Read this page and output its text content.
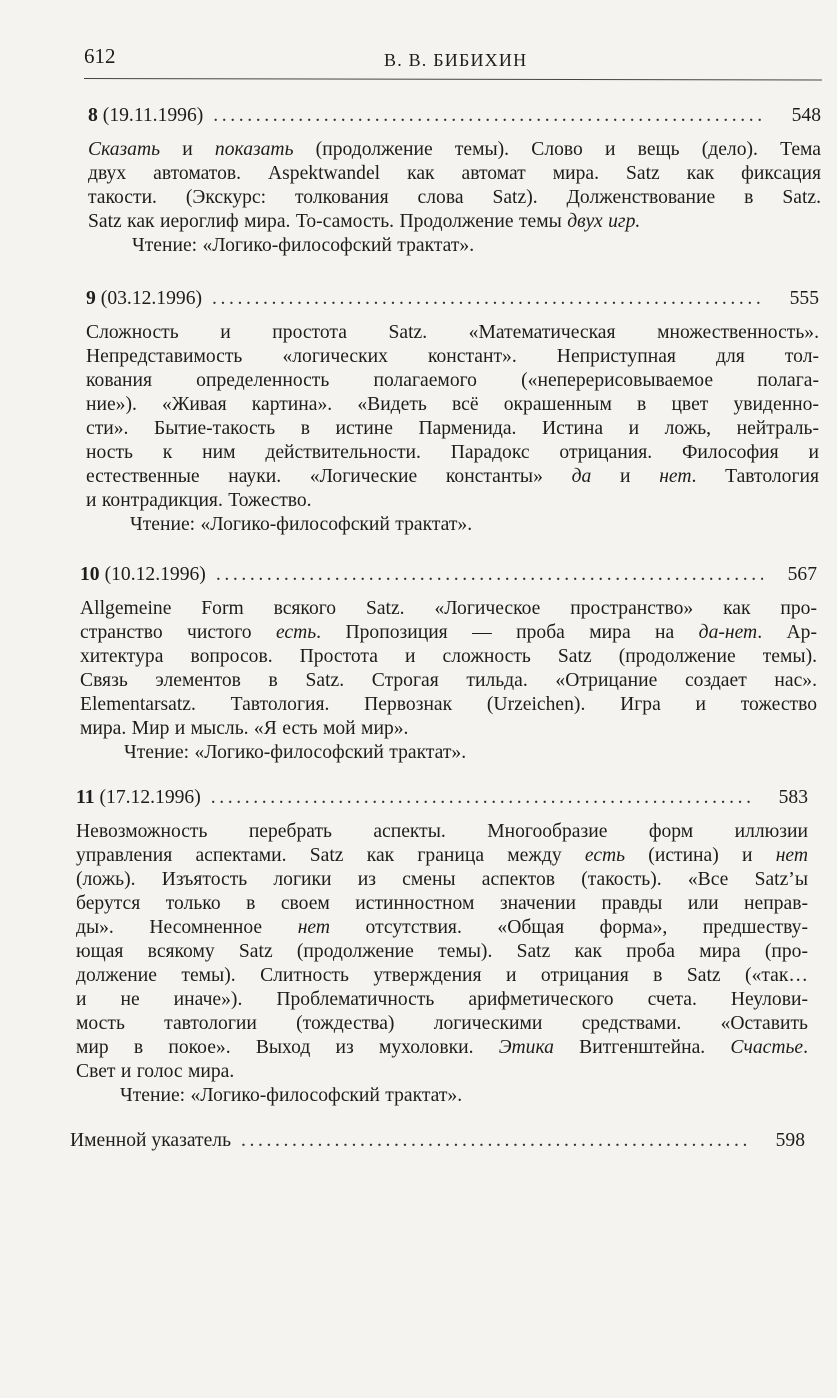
612	В. В. БИБИХИН
8 (19.11.1996) .....	548
Сказать и показать (продолжение темы). Слово и вещь (дело). Тема
двух автоматов. Aspektwandel как автомат мира. Satz как фиксация
такости. (Экскурс: толкования слова Satz). Долженствование в Satz.
Satz как иероглиф мира. То-самость. Продолжение темы двух игр.
Чтение: «Логико-философский трактат».
9 (03.12.1996) .....	555
Сложность и простота Satz. «Математическая множественность».
Непредставимость «логических констант». Неприступная для тол-
кования определенность полагаемого («неперерисовываемое полага-
ние»). «Живая картина». «Видеть всё окрашенным в цвет увиденно-
сти». Бытие-такость в истине Парменида. Истина и ложь, нейтраль-
ность к ним действительности. Парадокс отрицания. Философия и
естественные науки. «Логические константы» да и нет. Тавтология
и контрадикция. Тожество.
Чтение: «Логико-философский трактат».
10 (10.12.1996) .....	567
Allgemeine Form всякого Satz. «Логическое пространство» как про-
странство чистого есть. Пропозиция — проба мира на да-нет. Ар-
хитектура вопросов. Простота и сложность Satz (продолжение темы).
Связь элементов в Satz. Строгая тильда. «Отрицание создает нас».
Elementarsatz. Тавтология. Первознак (Urzeichen). Игра и тожество
мира. Мир и мысль. «Я есть мой мир».
Чтение: «Логико-философский трактат».
11 (17.12.1996) .....	583
Невозможность перебрать аспекты. Многообразие форм иллюзии
управления аспектами. Satz как граница между есть (истина) и нет
(ложь). Изъятость логики из смены аспектов (такость). «Все Satz’ы
берутся только в своем истинностном значении правды или неправ-
ды». Несомненное нет отсутствия. «Общая форма», предшеству-
ющая всякому Satz (продолжение темы). Satz как проба мира (про-
должение темы). Слитность утверждения и отрицания в Satz («так…
и не иначе»). Проблематичность арифметического счета. Неулови-
мость тавтологии (тождества) логическими средствами. «Оставить
мир в покое». Выход из мухоловки. Этика Витгенштейна. Счастье.
Свет и голос мира.
Чтение: «Логико-философский трактат».
Именной указатель .....	598
